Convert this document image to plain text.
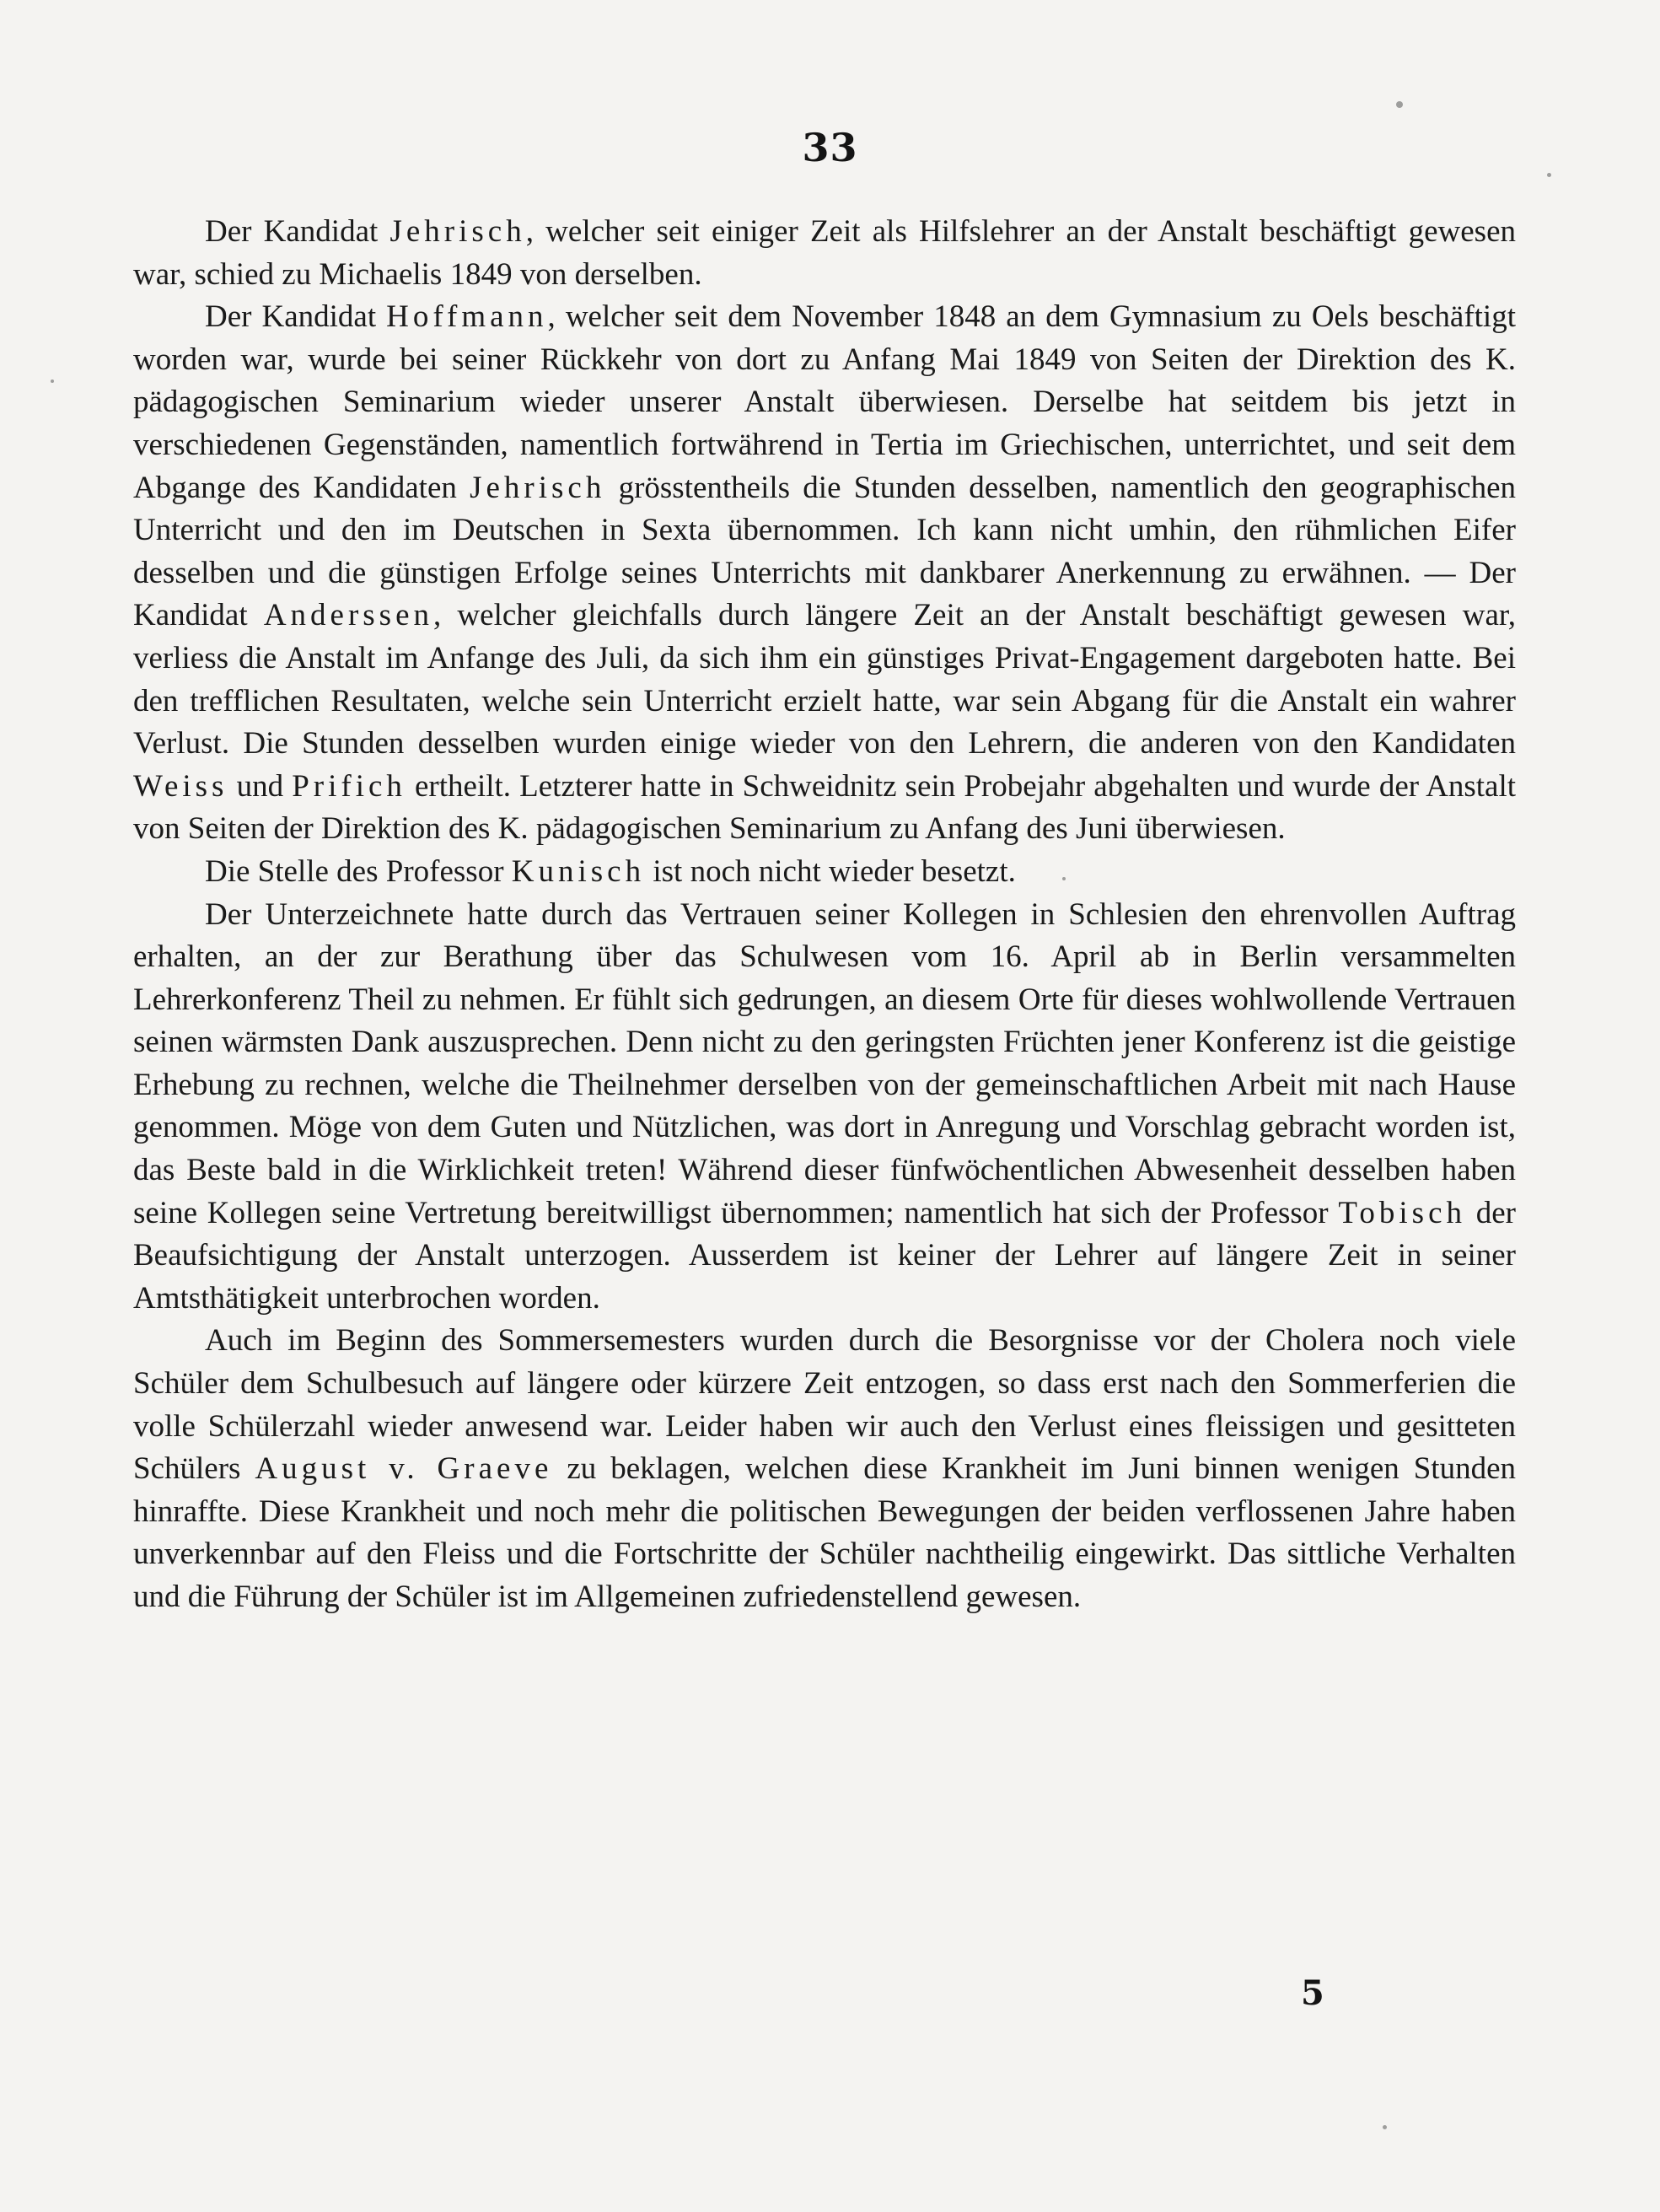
33

Der Kandidat Jehrisch, welcher seit einiger Zeit als Hilfslehrer an der Anstalt beschäftigt gewesen war, schied zu Michaelis 1849 von derselben.

Der Kandidat Hoffmann, welcher seit dem November 1848 an dem Gymnasium zu Oels beschäftigt worden war, wurde bei seiner Rückkehr von dort zu Anfang Mai 1849 von Seiten der Direktion des K. pädagogischen Seminarium wieder unserer Anstalt überwiesen. Derselbe hat seitdem bis jetzt in verschiedenen Gegenständen, namentlich fortwährend in Tertia im Griechischen, unterrichtet, und seit dem Abgange des Kandidaten Jehrisch grösstentheils die Stunden desselben, namentlich den geographischen Unterricht und den im Deutschen in Sexta übernommen. Ich kann nicht umhin, den rühmlichen Eifer desselben und die günstigen Erfolge seines Unterrichts mit dankbarer Anerkennung zu erwähnen. — Der Kandidat Anderssen, welcher gleichfalls durch längere Zeit an der Anstalt beschäftigt gewesen war, verliess die Anstalt im Anfange des Juli, da sich ihm ein günstiges Privat-Engagement dargeboten hatte. Bei den trefflichen Resultaten, welche sein Unterricht erzielt hatte, war sein Abgang für die Anstalt ein wahrer Verlust. Die Stunden desselben wurden einige wieder von den Lehrern, die anderen von den Kandidaten Weiss und Prifich ertheilt. Letzterer hatte in Schweidnitz sein Probejahr abgehalten und wurde der Anstalt von Seiten der Direktion des K. pädagogischen Seminarium zu Anfang des Juni überwiesen.

Die Stelle des Professor Kunisch ist noch nicht wieder besetzt.

Der Unterzeichnete hatte durch das Vertrauen seiner Kollegen in Schlesien den ehrenvollen Auftrag erhalten, an der zur Berathung über das Schulwesen vom 16. April ab in Berlin versammelten Lehrerkonferenz Theil zu nehmen. Er fühlt sich gedrungen, an diesem Orte für dieses wohlwollende Vertrauen seinen wärmsten Dank auszusprechen. Denn nicht zu den geringsten Früchten jener Konferenz ist die geistige Erhebung zu rechnen, welche die Theilnehmer derselben von der gemeinschaftlichen Arbeit mit nach Hause genommen. Möge von dem Guten und Nützlichen, was dort in Anregung und Vorschlag gebracht worden ist, das Beste bald in die Wirklichkeit treten! Während dieser fünfwöchentlichen Abwesenheit desselben haben seine Kollegen seine Vertretung bereitwilligst übernommen; namentlich hat sich der Professor Tobisch der Beaufsichtigung der Anstalt unterzogen. Ausserdem ist keiner der Lehrer auf längere Zeit in seiner Amtsthätigkeit unterbrochen worden.

Auch im Beginn des Sommersemesters wurden durch die Besorgnisse vor der Cholera noch viele Schüler dem Schulbesuch auf längere oder kürzere Zeit entzogen, so dass erst nach den Sommerferien die volle Schülerzahl wieder anwesend war. Leider haben wir auch den Verlust eines fleissigen und gesitteten Schülers August v. Graeve zu beklagen, welchen diese Krankheit im Juni binnen wenigen Stunden hinraffte. Diese Krankheit und noch mehr die politischen Bewegungen der beiden verflossenen Jahre haben unverkennbar auf den Fleiss und die Fortschritte der Schüler nachtheilig eingewirkt. Das sittliche Verhalten und die Führung der Schüler ist im Allgemeinen zufriedenstellend gewesen.

5
